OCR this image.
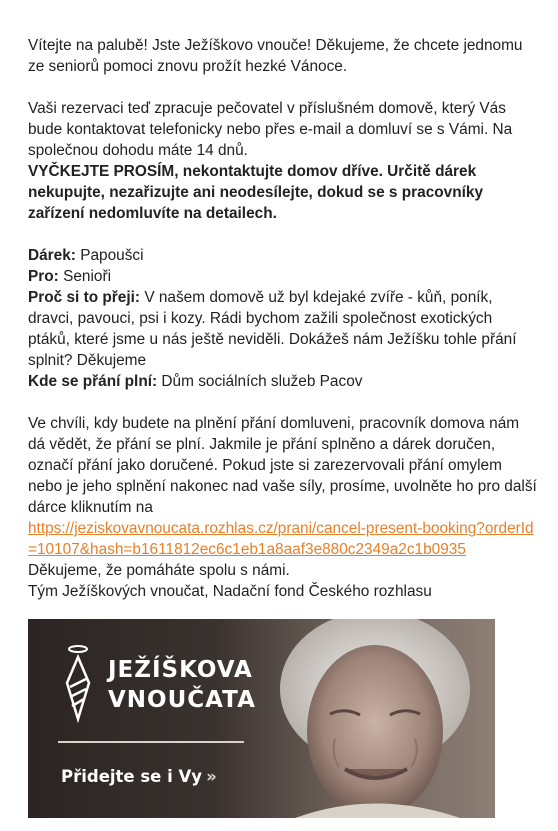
Vítejte na palubě! Jste Ježíškovo vnouče! Děkujeme, že chcete jednomu ze seniorů pomoci znovu prožít hezké Vánoce.

Vaši rezervaci teď zpracuje pečovatel v příslušném domově, který Vás bude kontaktovat telefonicky nebo přes e-mail a domluví se s Vámi. Na společnou dohodu máte 14 dnů.

VYČKEJTE PROSÍM, nekontaktujte domov dříve. Určitě dárek nekupujte, nezařizujte ani neodesílejte, dokud se s pracovníky zařízení nedomluvíte na detailech.

Dárek: Papoušci

Pro: Senioři

Proč si to přeji: V našem domově už byl kdejaké zvíře - kůň, poník, dravci, pavouci, psi i kozy. Rádi bychom zažili společnost exotických ptáků, které jsme u nás ještě neviděli. Dokážeš nám Ježíšku tohle přání splnit? Děkujeme

Kde se přání plní: Dům sociálních služeb Pacov

Ve chvíli, kdy budete na plnění přání domluveni, pracovník domova nám dá vědět, že přání se plní. Jakmile je přání splněno a dárek doručen, označí přání jako doručené. Pokud jste si zarezervovali přání omylem nebo je jeho splnění nakonec nad vaše síly, prosíme, uvolněte ho pro další dárce kliknutím na

https://jeziskovavnoucata.rozhlas.cz/prani/cancel-present-booking?orderId=10107&hash=b1611812ec6c1eb1a8aaf3e880c2349a2c1b0935

Děkujeme, že pomáháte spolu s námi.

Tým Ježíškových vnoučat, Nadační fond Českého rozhlasu

JEŽÍŠKOVA
VNOUČATA
Přidejte se i Vy »
